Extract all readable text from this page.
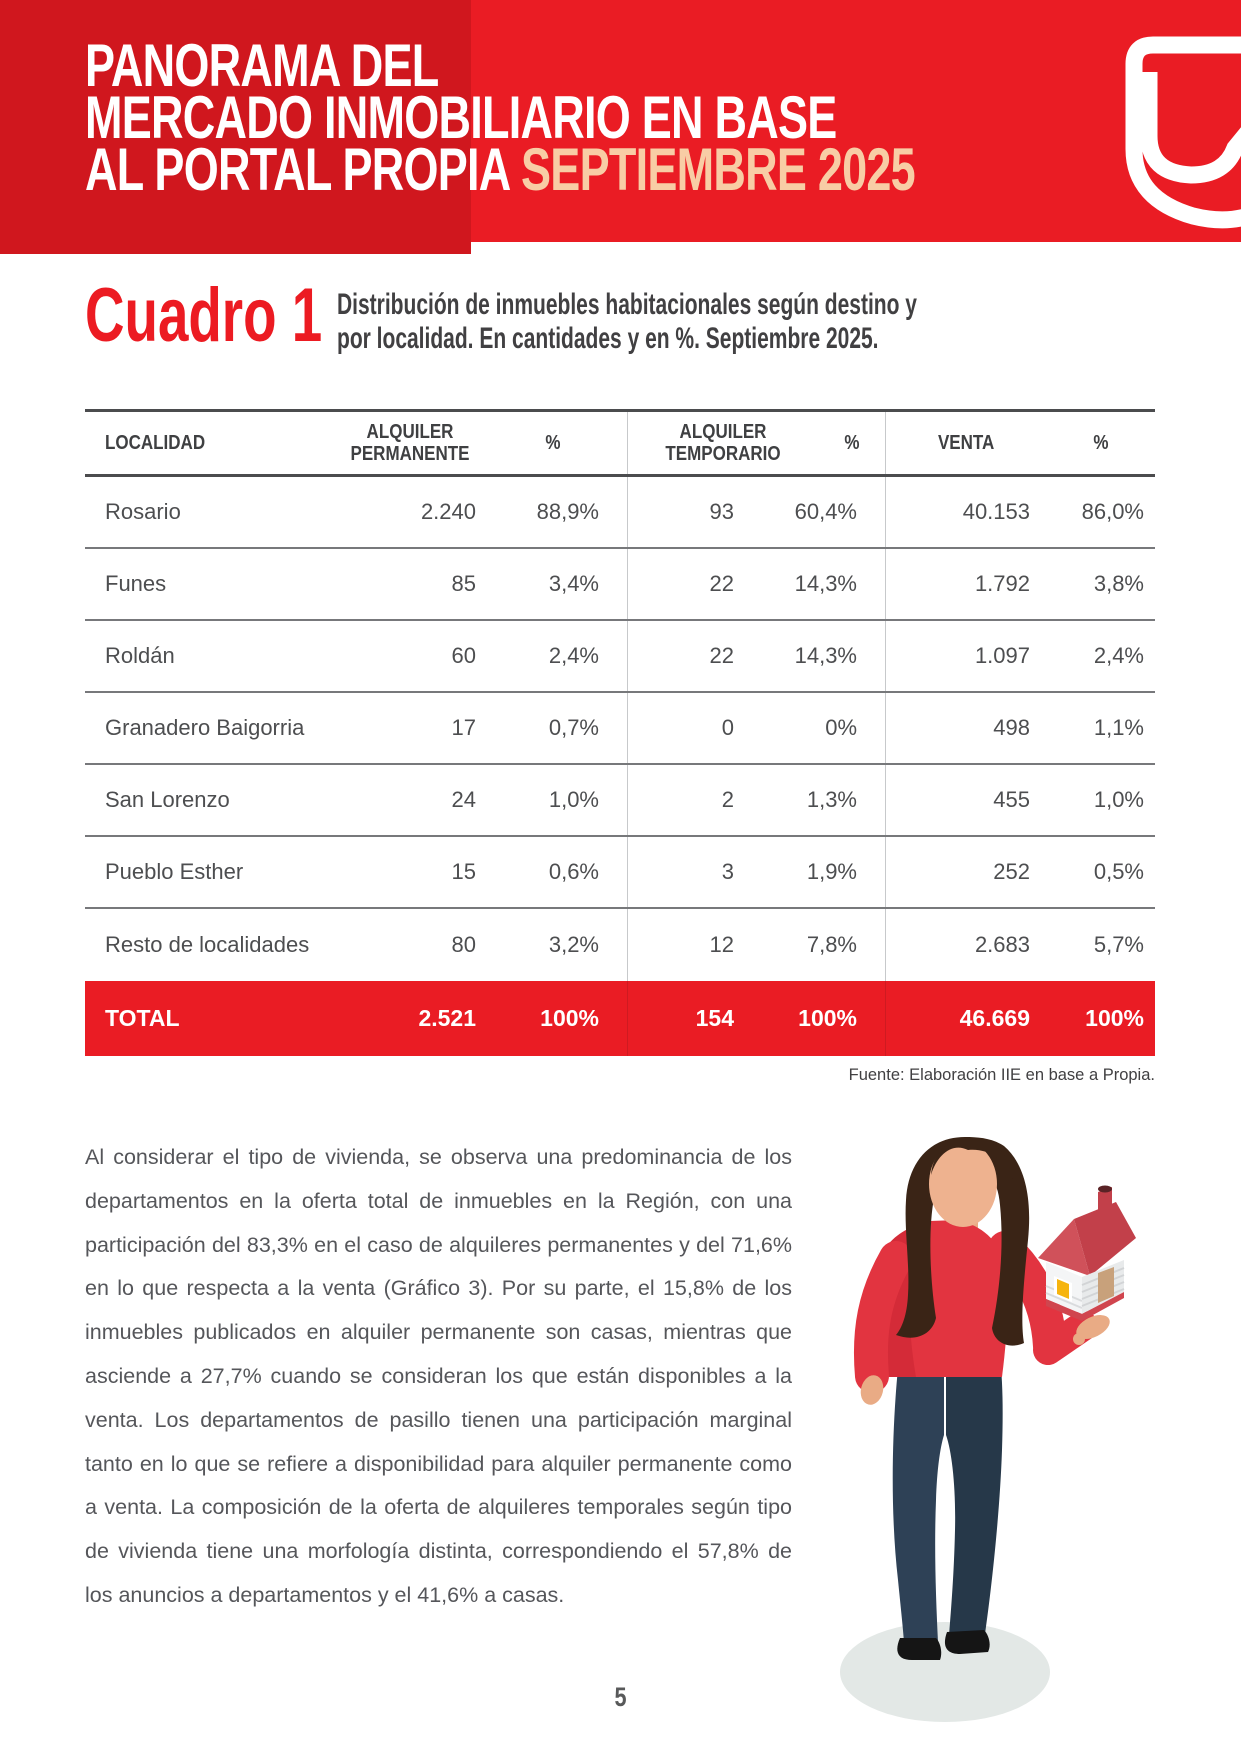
PANORAMA DEL
MERCADO INMOBILIARIO EN BASE
AL PORTAL PROPIA SEPTIEMBRE 2025
Cuadro 1 Distribución de inmuebles habitacionales según destino y
por localidad. En cantidades y en %. Septiembre 2025.
LOCALIDAD	ALQUILER PERMANENTE	%	ALQUILER TEMPORARIO	%	VENTA	%
Rosario	2.240	88,9%	93	60,4%	40.153	86,0%
Funes	85	3,4%	22	14,3%	1.792	3,8%
Roldán	60	2,4%	22	14,3%	1.097	2,4%
Granadero Baigorria	17	0,7%	0	0%	498	1,1%
San Lorenzo	24	1,0%	2	1,3%	455	1,0%
Pueblo Esther	15	0,6%	3	1,9%	252	0,5%
Resto de localidades	80	3,2%	12	7,8%	2.683	5,7%
TOTAL	2.521	100%	154	100%	46.669	100%
Fuente: Elaboración IIE en base a Propia.
Al considerar el tipo de vivienda, se observa una predominancia de los departamentos en la oferta total de inmuebles en la Región, con una participación del 83,3% en el caso de alquileres permanentes y del 71,6% en lo que respecta a la venta (Gráfico 3). Por su parte, el 15,8% de los inmuebles publicados en alquiler permanente son casas, mientras que asciende a 27,7% cuando se consideran los que están disponibles a la venta. Los departamentos de pasillo tienen una participación marginal tanto en lo que se refiere a disponibilidad para alquiler permanente como a venta. La composición de la oferta de alquileres temporales según tipo de vivienda tiene una morfología distinta, correspondiendo el 57,8% de los anuncios a departamentos y el 41,6% a casas.
5
